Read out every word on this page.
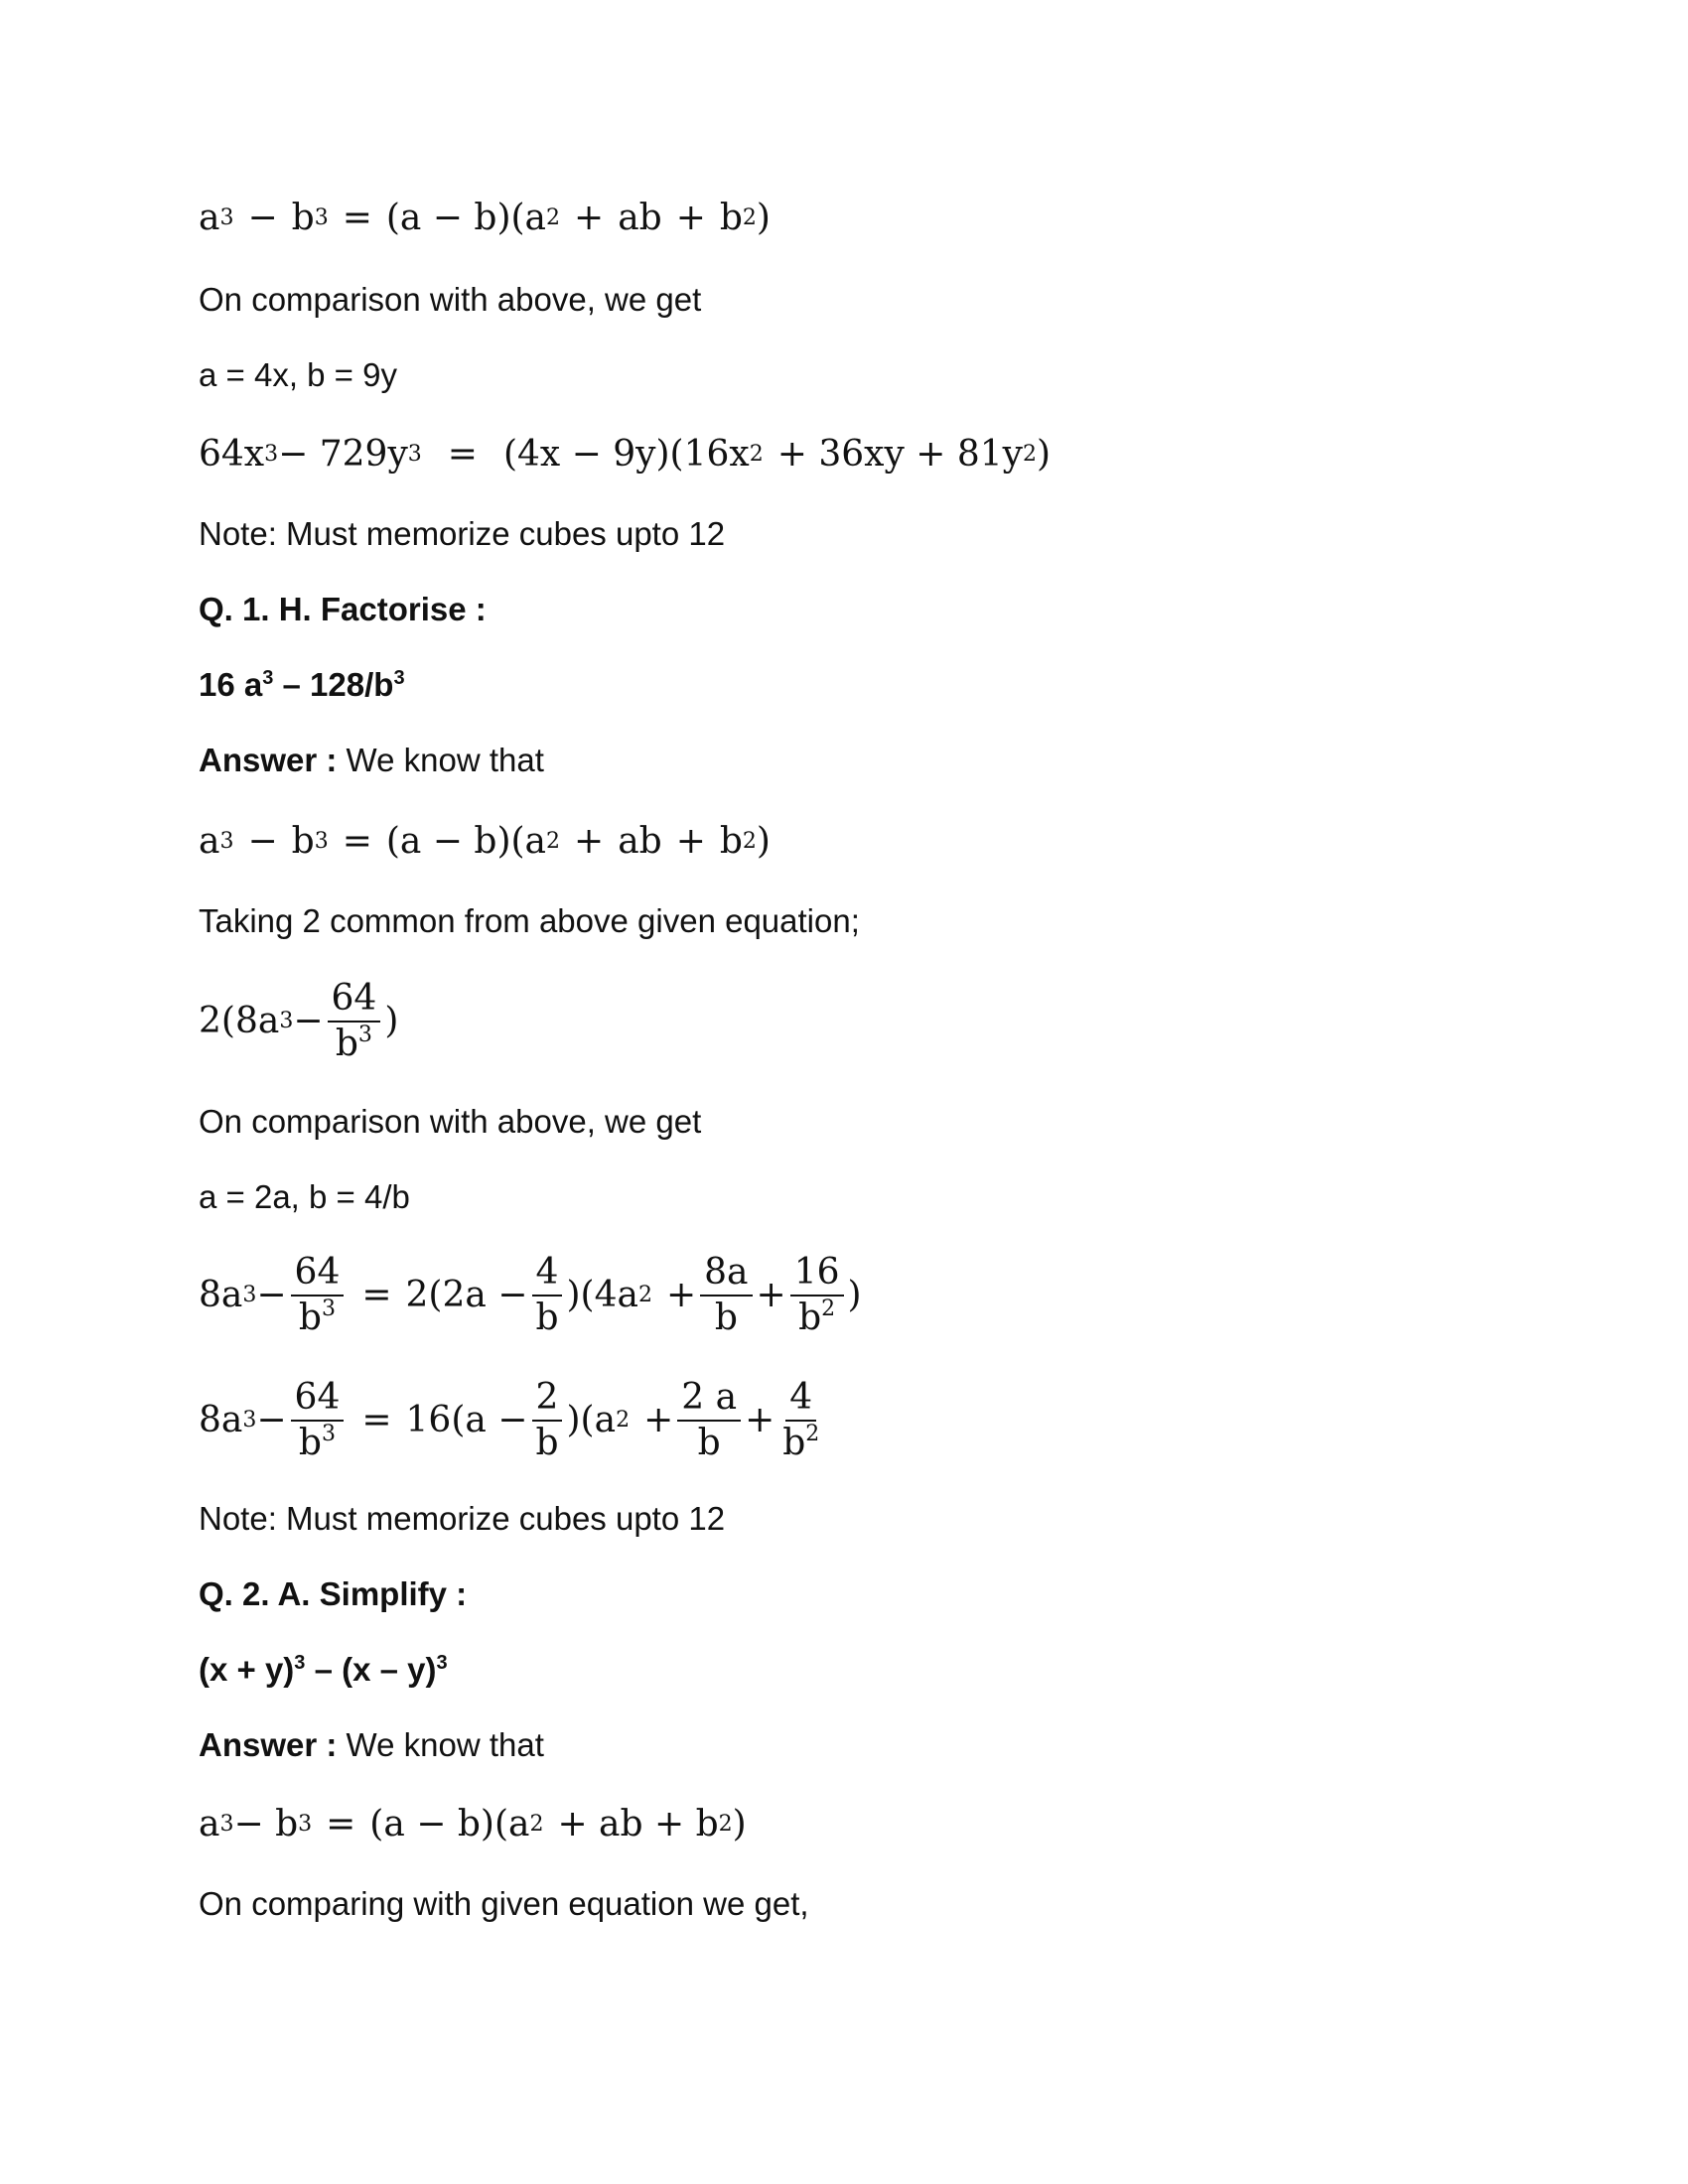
a 3 − b 3 = (a − b)(a 2 + ab + b 2 )
On comparison with above, we get
a = 4x, b = 9y
64x 3 − 729y 3 = (4x − 9y)(16x 2 + 36xy + 81y 2 )
Note: Must memorize cubes upto 12
Q. 1. H. Factorise :
16 $a^3 - 128/b^3$
Answer : We know that
a 3 − b 3 = (a − b)(a 2 + ab + b 2 )
Taking 2 common from above given equation;
2(8a $3 - \frac{64}{b^3}$ )
On comparison with above, we get
a = 2a, b = 4/b
8a $3 - \frac{64}{b^3} = 2(2a - \frac{4}{b} )(4a$ $2 + \frac{8a}{b} + \frac{16}{b^2}$ )
8a $3 - \frac{64}{b^3} = 16(a - \frac{2}{b} )(a$ $2 + \frac{2 a}{b} + \frac{4}{b^2}$
Note: Must memorize cubes upto 12
Q. 2. A. Simplify :
$(x + y)^3 - (x - y)^3$
Answer : We know that
a 3 − b 3 = (a − b)(a 2 + ab + b 2 )
On comparing with given equation we get,
